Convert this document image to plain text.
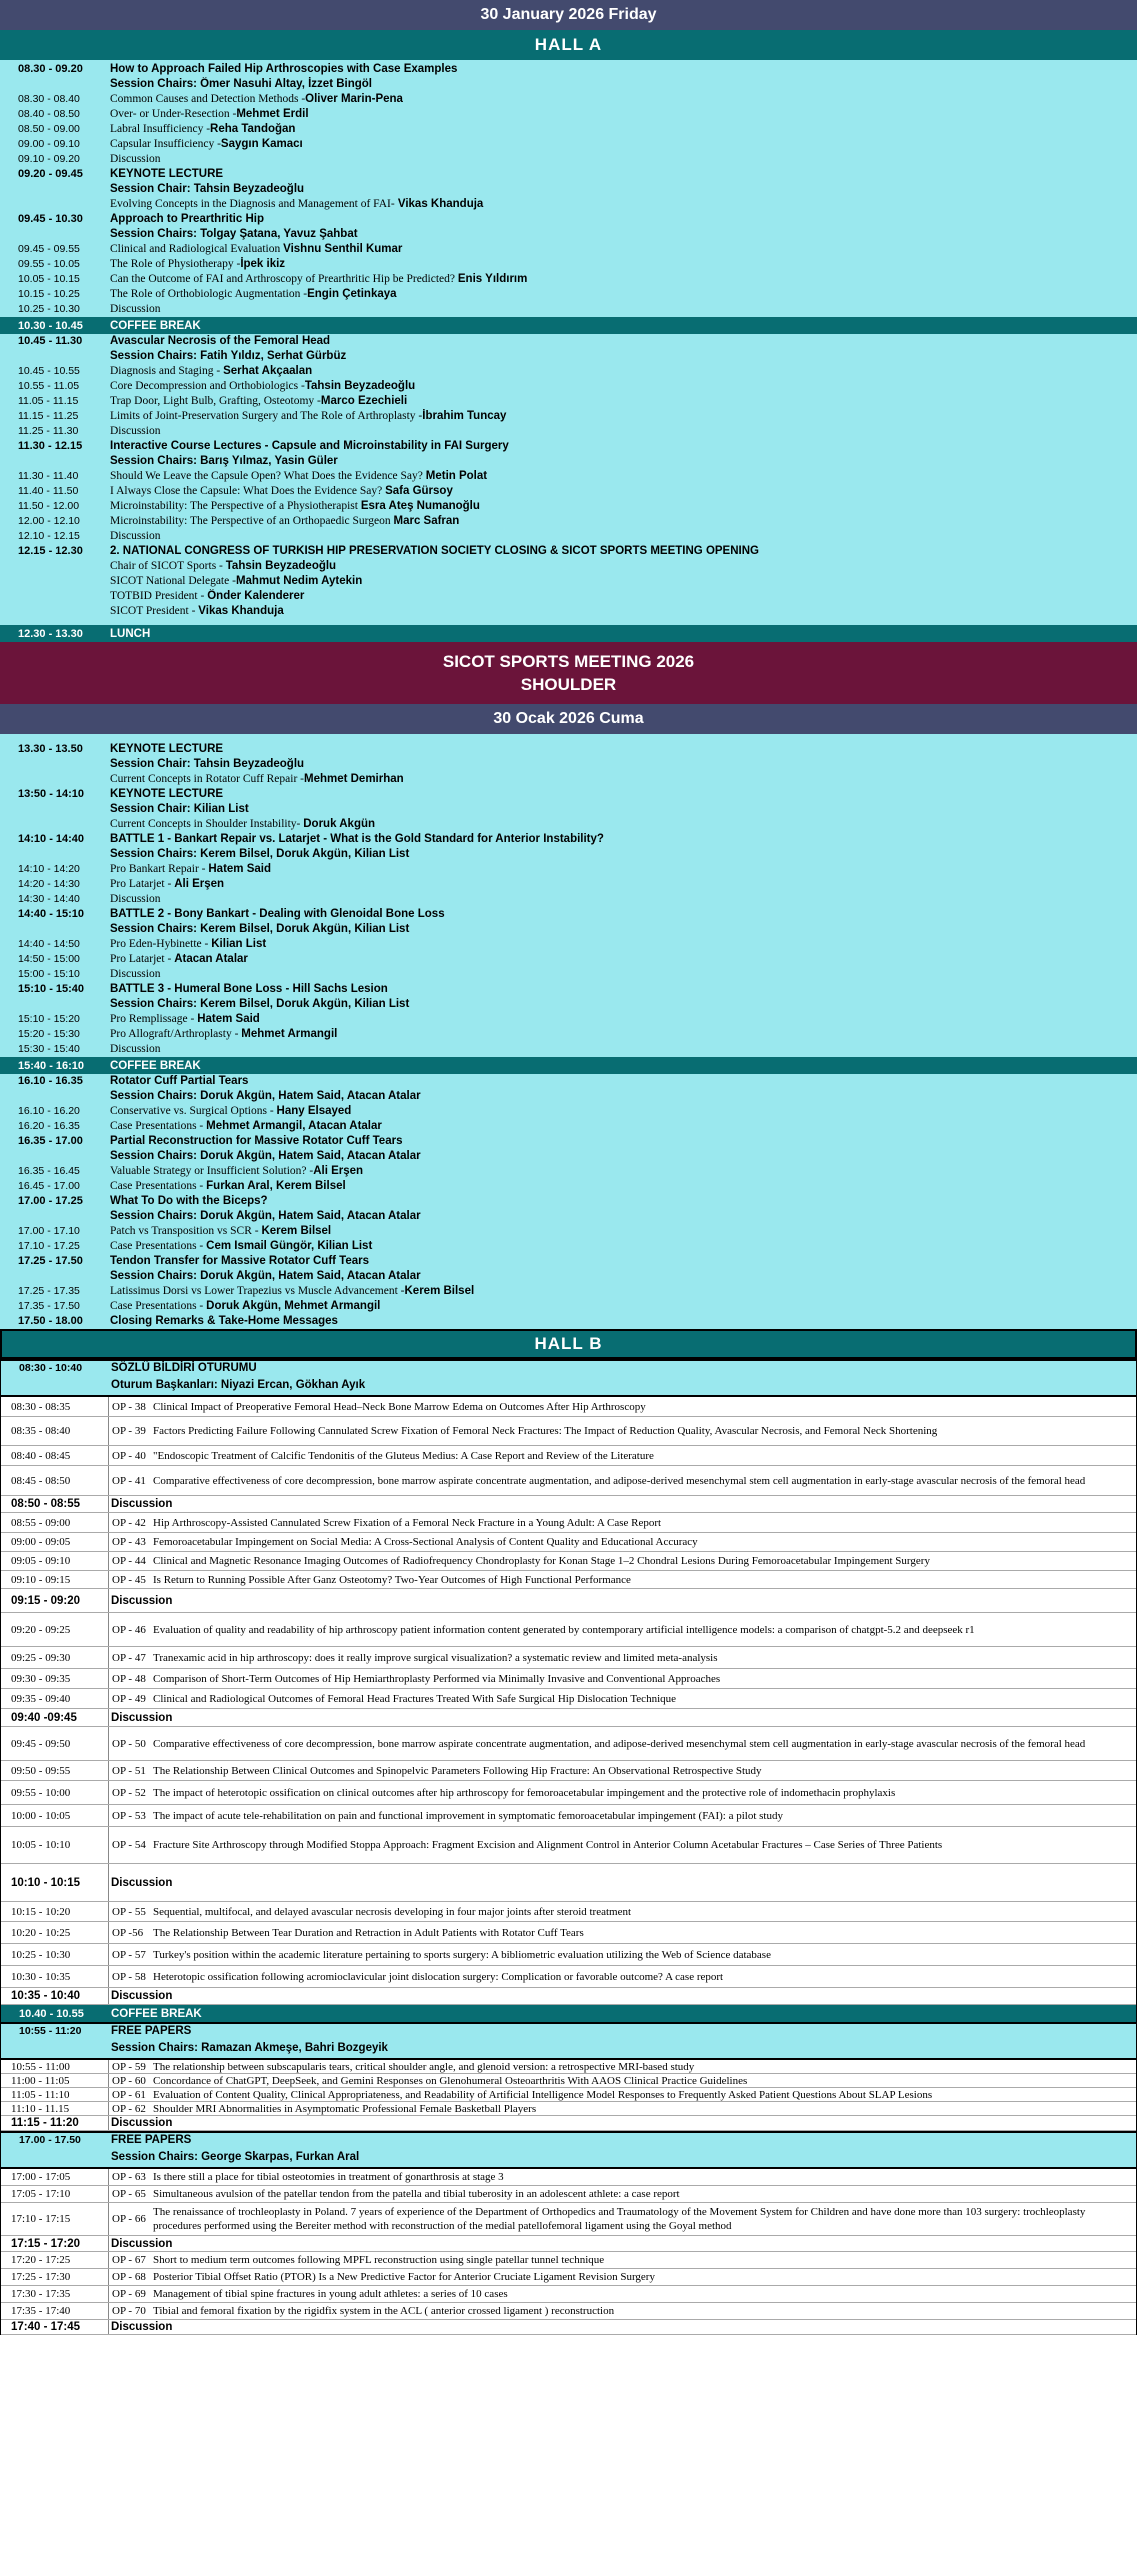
30 January 2026 Friday
HALL A
08.30 - 09.20	How to Approach Failed Hip Arthroscopies with Case Examples
Session Chairs: Ömer Nasuhi Altay, İzzet Bingöl
08.30 - 08.40	Common Causes and Detection Methods -Oliver Marin-Pena
08.40 - 08.50	Over- or Under-Resection -Mehmet Erdil
08.50 - 09.00	Labral Insufficiency -Reha Tandoğan
09.00 - 09.10	Capsular Insufficiency -Saygın Kamacı
09.10 - 09.20	Discussion
09.20 - 09.45	KEYNOTE LECTURE
Session Chair: Tahsin Beyzadeoğlu
Evolving Concepts in the Diagnosis and Management of FAI- Vikas Khanduja
09.45 - 10.30	Approach to Prearthritic Hip
Session Chairs: Tolgay Şatana, Yavuz Şahbat
09.45 - 09.55	Clinical and Radiological Evaluation Vishnu Senthil Kumar
09.55 - 10.05	The Role of Physiotherapy -İpek ikiz
10.05 - 10.15	Can the Outcome of FAI and Arthroscopy of Prearthritic Hip be Predicted? Enis Yıldırım
10.15 - 10.25	The Role of Orthobiologic Augmentation -Engin Çetinkaya
10.25 - 10.30	Discussion
10.30 - 10.45	COFFEE BREAK
10.45 - 11.30	Avascular Necrosis of the Femoral Head
Session Chairs: Fatih Yıldız, Serhat Gürbüz
10.45 - 10.55	Diagnosis and Staging - Serhat Akçaalan
10.55 - 11.05	Core Decompression and Orthobiologics -Tahsin Beyzadeoğlu
11.05 - 11.15	Trap Door, Light Bulb, Grafting, Osteotomy -Marco Ezechieli
11.15 - 11.25	Limits of Joint-Preservation Surgery and The Role of Arthroplasty -İbrahim Tuncay
11.25 - 11.30	Discussion
11.30 - 12.15	Interactive Course Lectures - Capsule and Microinstability in FAI Surgery
Session Chairs: Barış Yılmaz, Yasin Güler
11.30 - 11.40	Should We Leave the Capsule Open? What Does the Evidence Say? Metin Polat
11.40 - 11.50	I Always Close the Capsule: What Does the Evidence Say? Safa Gürsoy
11.50 - 12.00	Microinstability: The Perspective of a Physiotherapist Esra Ateş Numanoğlu
12.00 - 12.10	Microinstability: The Perspective of an Orthopaedic Surgeon Marc Safran
12.10 - 12.15	Discussion
12.15 - 12.30	2. NATIONAL CONGRESS OF TURKISH HIP PRESERVATION SOCIETY CLOSING & SICOT SPORTS MEETING OPENING
Chair of SICOT Sports - Tahsin Beyzadeoğlu
SICOT National Delegate -Mahmut Nedim Aytekin
TOTBID President - Önder Kalenderer
SICOT President - Vikas Khanduja
12.30 - 13.30	LUNCH
SICOT SPORTS MEETING 2026
SHOULDER
30 Ocak 2026 Cuma
13.30 - 13.50	KEYNOTE LECTURE
Session Chair: Tahsin Beyzadeoğlu
Current Concepts in Rotator Cuff Repair -Mehmet Demirhan
13:50 - 14:10	KEYNOTE LECTURE
Session Chair: Kilian List
Current Concepts in Shoulder Instability- Doruk Akgün
14:10 - 14:40	BATTLE 1 - Bankart Repair vs. Latarjet - What is the Gold Standard for Anterior Instability?
Session Chairs: Kerem Bilsel, Doruk Akgün, Kilian List
14:10 - 14:20	Pro Bankart Repair - Hatem Said
14:20 - 14:30	Pro Latarjet - Ali Erşen
14:30 - 14:40	Discussion
14:40 - 15:10	BATTLE 2 - Bony Bankart - Dealing with Glenoidal Bone Loss
Session Chairs: Kerem Bilsel, Doruk Akgün, Kilian List
14:40 - 14:50	Pro Eden-Hybinette - Kilian List
14:50 - 15:00	Pro Latarjet - Atacan Atalar
15:00 - 15:10	Discussion
15:10 - 15:40	BATTLE 3 - Humeral Bone Loss - Hill Sachs Lesion
Session Chairs: Kerem Bilsel, Doruk Akgün, Kilian List
15:10 - 15:20	Pro Remplissage - Hatem Said
15:20 - 15:30	Pro Allograft/Arthroplasty - Mehmet Armangil
15:30 - 15:40	Discussion
15:40 - 16:10	COFFEE BREAK
16.10 - 16.35	Rotator Cuff Partial Tears
Session Chairs: Doruk Akgün, Hatem Said, Atacan Atalar
16.10 - 16.20	Conservative vs. Surgical Options - Hany Elsayed
16.20 - 16.35	Case Presentations - Mehmet Armangil, Atacan Atalar
16.35 - 17.00	Partial Reconstruction for Massive Rotator Cuff Tears
Session Chairs: Doruk Akgün, Hatem Said, Atacan Atalar
16.35 - 16.45	Valuable Strategy or Insufficient Solution? -Ali Erşen
16.45 - 17.00	Case Presentations - Furkan Aral, Kerem Bilsel
17.00 - 17.25	What To Do with the Biceps?
Session Chairs: Doruk Akgün, Hatem Said, Atacan Atalar
17.00 - 17.10	Patch vs Transposition vs SCR - Kerem Bilsel
17.10 - 17.25	Case Presentations - Cem Ismail Güngör, Kilian List
17.25 - 17.50	Tendon Transfer for Massive Rotator Cuff Tears
Session Chairs: Doruk Akgün, Hatem Said, Atacan Atalar
17.25 - 17.35	Latissimus Dorsi vs Lower Trapezius vs Muscle Advancement -Kerem Bilsel
17.35 - 17.50	Case Presentations - Doruk Akgün, Mehmet Armangil
17.50 - 18.00	Closing Remarks & Take-Home Messages
HALL B
08:30 - 10:40	SÖZLÜ BİLDİRİ OTURUMU
Oturum Başkanları: Niyazi Ercan, Gökhan Ayık
08:30 - 08:35	OP - 38 Clinical Impact of Preoperative Femoral Head–Neck Bone Marrow Edema on Outcomes After Hip Arthroscopy
08:35 - 08:40	OP - 39 Factors Predicting Failure Following Cannulated Screw Fixation of Femoral Neck Fractures: The Impact of Reduction Quality, Avascular Necrosis, and Femoral Neck Shortening
08:40 - 08:45	OP - 40 "Endoscopic Treatment of Calcific Tendonitis of the Gluteus Medius: A Case Report and Review of the Literature
08:45 - 08:50	OP - 41 Comparative effectiveness of core decompression, bone marrow aspirate concentrate augmentation, and adipose-derived mesenchymal stem cell augmentation in early-stage avascular necrosis of the femoral head
08:50 - 08:55	Discussion
08:55 - 09:00	OP - 42 Hip Arthroscopy-Assisted Cannulated Screw Fixation of a Femoral Neck Fracture in a Young Adult: A Case Report
09:00 - 09:05	OP - 43 Femoroacetabular Impingement on Social Media: A Cross-Sectional Analysis of Content Quality and Educational Accuracy
09:05 - 09:10	OP - 44 Clinical and Magnetic Resonance Imaging Outcomes of Radiofrequency Chondroplasty for Konan Stage 1–2 Chondral Lesions During Femoroacetabular Impingement Surgery
09:10 - 09:15	OP - 45 Is Return to Running Possible After Ganz Osteotomy? Two-Year Outcomes of High Functional Performance
09:15 - 09:20	Discussion
09:20 - 09:25	OP - 46 Evaluation of quality and readability of hip arthroscopy patient information content generated by contemporary artificial intelligence models: a comparison of chatgpt-5.2 and deepseek r1
09:25 - 09:30	OP - 47 Tranexamic acid in hip arthroscopy: does it really improve surgical visualization? a systematic review and limited meta-analysis
09:30 - 09:35	OP - 48 Comparison of Short-Term Outcomes of Hip Hemiarthroplasty Performed via Minimally Invasive and Conventional Approaches
09:35 - 09:40	OP - 49 Clinical and Radiological Outcomes of Femoral Head Fractures Treated With Safe Surgical Hip Dislocation Technique
09:40 -09:45	Discussion
09:45 - 09:50	OP - 50 Comparative effectiveness of core decompression, bone marrow aspirate concentrate augmentation, and adipose-derived mesenchymal stem cell augmentation in early-stage avascular necrosis of the femoral head
09:50 - 09:55	OP - 51 The Relationship Between Clinical Outcomes and Spinopelvic Parameters Following Hip Fracture: An Observational Retrospective Study
09:55 - 10:00	OP - 52 The impact of heterotopic ossification on clinical outcomes after hip arthroscopy for femoroacetabular impingement and the protective role of indomethacin prophylaxis
10:00 - 10:05	OP - 53 The impact of acute tele-rehabilitation on pain and functional improvement in symptomatic femoroacetabular impingement (FAI): a pilot study
10:05 - 10:10	OP - 54 Fracture Site Arthroscopy through Modified Stoppa Approach: Fragment Excision and Alignment Control in Anterior Column Acetabular Fractures – Case Series of Three Patients
10:10 - 10:15	Discussion
10:15 - 10:20	OP - 55 Sequential, multifocal, and delayed avascular necrosis developing in four major joints after steroid treatment
10:20 - 10:25	OP -56 The Relationship Between Tear Duration and Retraction in Adult Patients with Rotator Cuff Tears
10:25 - 10:30	OP - 57 Turkey's position within the academic literature pertaining to sports surgery: A bibliometric evaluation utilizing the Web of Science database
10:30 - 10:35	OP - 58 Heterotopic ossification following acromioclavicular joint dislocation surgery: Complication or favorable outcome? A case report
10:35 - 10:40	Discussion
10.40 - 10.55	COFFEE BREAK
10:55 - 11:20	FREE PAPERS
Session Chairs: Ramazan Akmeşe, Bahri Bozgeyik
10:55 - 11:00	OP - 59 The relationship between subscapularis tears, critical shoulder angle, and glenoid version: a retrospective MRI-based study
11:00 - 11:05	OP - 60 Concordance of ChatGPT, DeepSeek, and Gemini Responses on Glenohumeral Osteoarthritis With AAOS Clinical Practice Guidelines
11:05 - 11:10	OP - 61 Evaluation of Content Quality, Clinical Appropriateness, and Readability of Artificial Intelligence Model Responses to Frequently Asked Patient Questions About SLAP Lesions
11:10 - 11.15	OP - 62 Shoulder MRI Abnormalities in Asymptomatic Professional Female Basketball Players
11:15 - 11:20	Discussion
17.00 - 17.50	FREE PAPERS
Session Chairs: George Skarpas, Furkan Aral
17:00 - 17:05	OP - 63 Is there still a place for tibial osteotomies in treatment of gonarthrosis at stage 3
17:05 - 17:10	OP - 65 Simultaneous avulsion of the patellar tendon from the patella and tibial tuberosity in an adolescent athlete: a case report
17:10 - 17:15	OP - 66
The renaissance of trochleoplasty in Poland. 7 years of experience of the Department of Orthopedics and Traumatology of the Movement System for Children and have done more than 103 surgery: trochleoplasty procedures performed using the Bereiter method with reconstruction of the medial patellofemoral ligament using the Goyal method
17:15 - 17:20	Discussion
17:20 - 17:25	OP - 67 Short to medium term outcomes following MPFL reconstruction using single patellar tunnel technique
17:25 - 17:30	OP - 68 Posterior Tibial Offset Ratio (PTOR) Is a New Predictive Factor for Anterior Cruciate Ligament Revision Surgery
17:30 - 17:35	OP - 69 Management of tibial spine fractures in young adult athletes: a series of 10 cases
17:35 - 17:40	OP - 70 Tibial and femoral fixation by the rigidfix system in the ACL ( anterior crossed ligament ) reconstruction
17:40 - 17:45	Discussion
